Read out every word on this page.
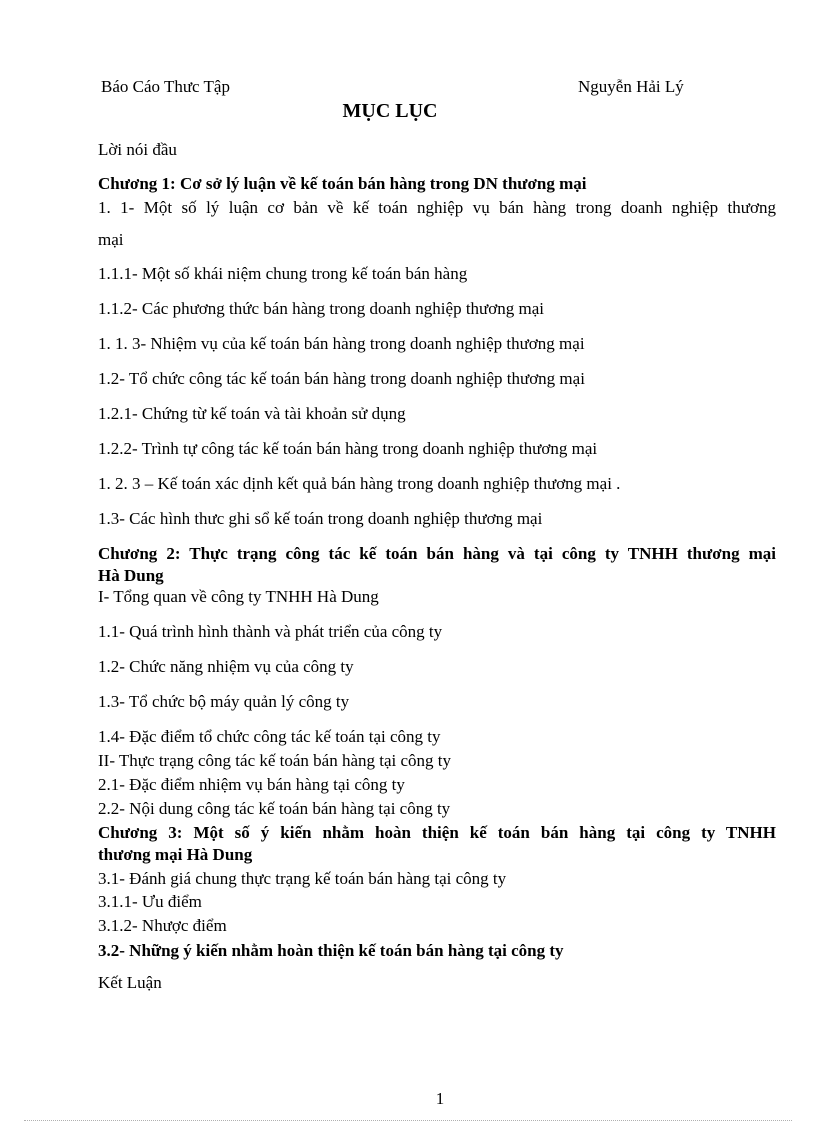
Báo Cáo Thưc Tập	Nguyễn Hải Lý
MỤC LỤC
Lời nói đầu
Chương 1: Cơ sở lý luận về kế toán bán hàng trong DN thương mại
1. 1- Một số lý luận cơ bản về kế toán nghiệp vụ bán hàng trong doanh nghiệp thương
mại
1.1.1- Một số khái niệm chung trong kế toán bán hàng
1.1.2- Các phương thức bán hàng trong doanh nghiệp thương mại
1. 1. 3- Nhiệm vụ của kế toán bán hàng trong doanh nghiệp thương mại
1.2- Tổ chức công tác kế toán bán hàng trong doanh nghiệp thương mại
1.2.1- Chứng từ kế toán và tài khoản sử dụng
1.2.2- Trình tự công tác kế toán bán hàng trong doanh nghiệp thương mại
1. 2. 3 – Kế toán xác dịnh kết quả bán hàng trong doanh nghiệp thương mại .
1.3- Các hình thưc ghi sổ kế toán trong doanh nghiệp thương mại
Chương 2: Thực trạng công tác kế toán bán hàng và tại công ty TNHH thương mại
Hà Dung
I- Tổng quan về công ty TNHH Hà Dung
1.1- Quá trình hình thành và phát triển của công ty
1.2- Chức năng nhiệm vụ của công ty
1.3- Tổ chức bộ máy quản lý công ty
1.4- Đặc điểm tổ chức công tác kế toán tại công ty
II- Thực trạng công tác kế toán bán hàng tại công ty
2.1- Đặc điểm nhiệm vụ bán hàng tại công ty
2.2- Nội dung công tác kế toán bán hàng tại công ty
Chương 3: Một số ý kiến nhằm hoàn thiện kế toán bán hàng tại công ty TNHH
thương mại Hà Dung
3.1- Đánh giá chung thực trạng kế toán bán hàng tại công ty
3.1.1- Ưu điểm
3.1.2- Nhược điểm
3.2- Những ý kiến nhằm hoàn thiện kế toán bán hàng tại công ty
Kết Luận
1
